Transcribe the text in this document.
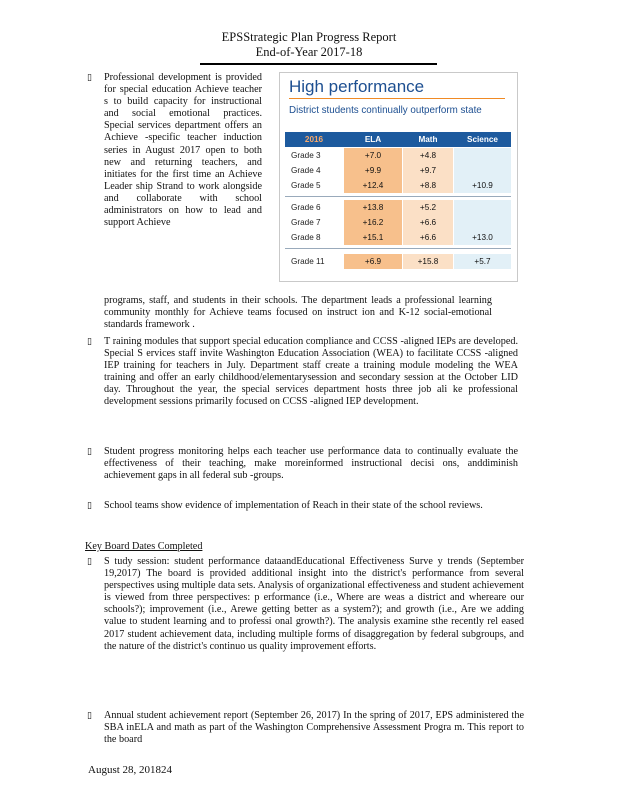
EPSStrategic Plan Progress Report
End-of-Year 2017-18
▯	Professional development is provided for special education Achieve teacher s to build capacity for instructional and social emotional practices. Special services department offers an Achieve -specific teacher induction series in August 2017 open to both new and returning teachers, and initiates for the first time an Achieve Leader ship Strand to work alongside and collaborate with school administrators on how to lead and support Achieve
High performance
District students continually outperform state
2016	ELA	Math	Science
Grade 3	+7.0	+4.8
Grade 4	+9.9	+9.7
Grade 5	+12.4	+8.8	+10.9
Grade 6	+13.8	+5.2
Grade 7	+16.2	+6.6
Grade 8	+15.1	+6.6	+13.0
Grade 11	+6.9	+15.8	+5.7
programs, staff, and students in their schools. The department leads a professional learning community monthly for Achieve teams focused on instruct ion and K-12 social-emotional standards framework .
▯	T raining modules that support special education compliance and CCSS -aligned IEPs are developed. Special S ervices staff invite Washington Education Association (WEA) to facilitate CCSS -aligned IEP training for teachers in July. Department staff create a training module modeling the WEA training and offer an early childhood/elementarysession and secondary session at the October LID day. Throughout the year, the special services department hosts three job ali ke professional development sessions primarily focused on CCSS -aligned IEP development.
▯	Student progress monitoring helps each teacher use performance data to continually evaluate the effectiveness of their teaching, make moreinformed instructional decisi ons, anddiminish achievement gaps in all federal sub -groups.
▯	School teams show evidence of implementation of Reach in their state of the school reviews.
Key Board Dates Completed
▯	S tudy session: student performance dataandEducational Effectiveness Surve y trends (September 19,2017) The board is provided additional insight into the district's performance from several perspectives using multiple data sets. Analysis of organizational effectiveness and student achievement is viewed from three perspectives: p erformance (i.e., Where are weas a district and whereare our schools?); improvement (i.e., Arewe getting better as a system?); and growth (i.e., Are we adding value to student learning and to professi onal growth?). The analysis examine sthe recently rel eased 2017 student achievement data, including multiple forms of disaggregation by federal subgroups, and the nature of the district's continuo us quality improvement efforts.
▯	Annual student achievement report (September 26, 2017) In the spring of 2017, EPS administered the SBA inELA and math as part of the Washington Comprehensive Assessment Progra m. This report to the board
August 28, 201824
